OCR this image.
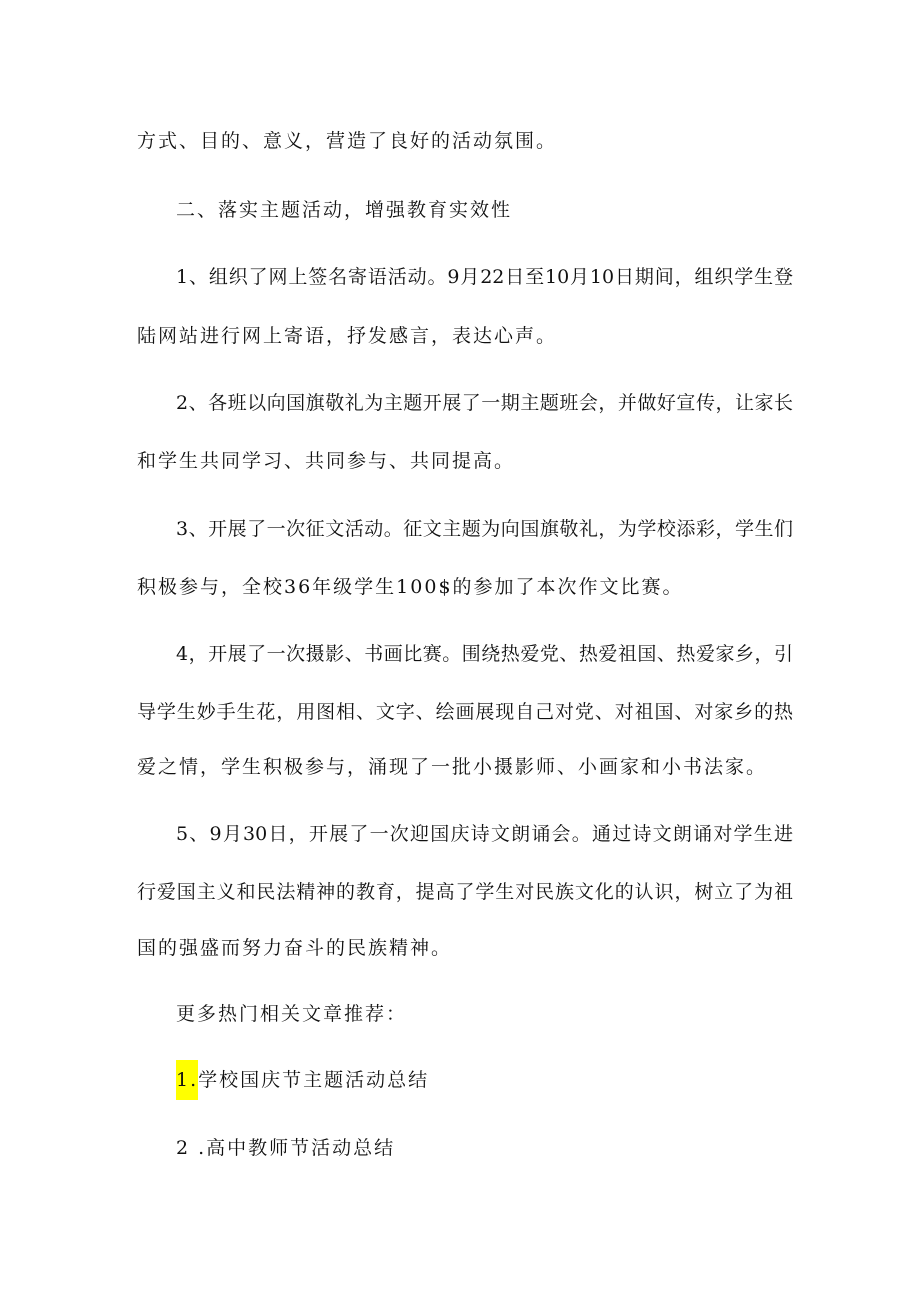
方式、目的、意义，营造了良好的活动氛围。
二、落实主题活动，增强教育实效性
1、组织了网上签名寄语活动。9月22日至10月10日期间，组织学生登
陆网站进行网上寄语，抒发感言，表达心声。
2、各班以向国旗敬礼为主题开展了一期主题班会，并做好宣传，让家长
和学生共同学习、共同参与、共同提高。
3、开展了一次征文活动。征文主题为向国旗敬礼，为学校添彩，学生们
积极参与，全校36年级学生100$的参加了本次作文比赛。
4，开展了一次摄影、书画比赛。围绕热爱党、热爱祖国、热爱家乡，引
导学生妙手生花，用图相、文字、绘画展现自己对党、对祖国、对家乡的热
爱之情，学生积极参与，涌现了一批小摄影师、小画家和小书法家。
5、9月30日，开展了一次迎国庆诗文朗诵会。通过诗文朗诵对学生进
行爱国主义和民法精神的教育，提高了学生对民族文化的认识，树立了为祖
国的强盛而努力奋斗的民族精神。
更多热门相关文章推荐：
1.学校国庆节主题活动总结
2 .高中教师节活动总结
